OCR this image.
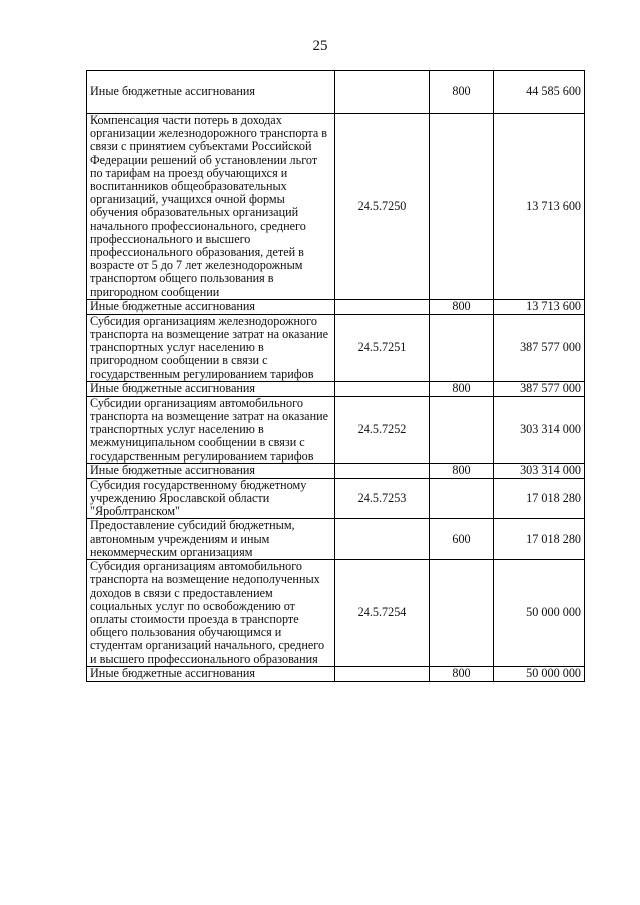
25
Иные бюджетные ассигнования		800	44 585 600
Компенсация части потерь в доходах организации железнодорожного транспорта в связи с принятием субъектами Российской Федерации решений об установлении льгот по тарифам на проезд обучающихся и воспитанников общеобразовательных организаций, учащихся очной формы обучения образовательных организаций начального профессионального, среднего профессионального и высшего профессионального образования, детей в возрасте от 5 до 7 лет железнодорожным транспортом общего пользования в пригородном сообщении	24.5.7250		13 713 600
Иные бюджетные ассигнования		800	13 713 600
Субсидия организациям железнодорожного транспорта на возмещение затрат на оказание транспортных услуг населению в пригородном сообщении в связи с государственным регулированием тарифов	24.5.7251		387 577 000
Иные бюджетные ассигнования		800	387 577 000
Субсидии организациям автомобильного транспорта на возмещение затрат на оказание транспортных услуг населению в межмуниципальном сообщении в связи с государственным регулированием тарифов	24.5.7252		303 314 000
Иные бюджетные ассигнования		800	303 314 000
Субсидия государственному бюджетному учреждению Ярославской области "Яроблтранском"	24.5.7253		17 018 280
Предоставление субсидий бюджетным, автономным учреждениям и иным некоммерческим организациям		600	17 018 280
Субсидия организациям автомобильного транспорта на возмещение недополученных доходов в связи с предоставлением социальных услуг по освобождению от оплаты стоимости проезда в транспорте общего пользования обучающимся и студентам организаций начального, среднего и высшего профессионального образования	24.5.7254		50 000 000
Иные бюджетные ассигнования		800	50 000 000
